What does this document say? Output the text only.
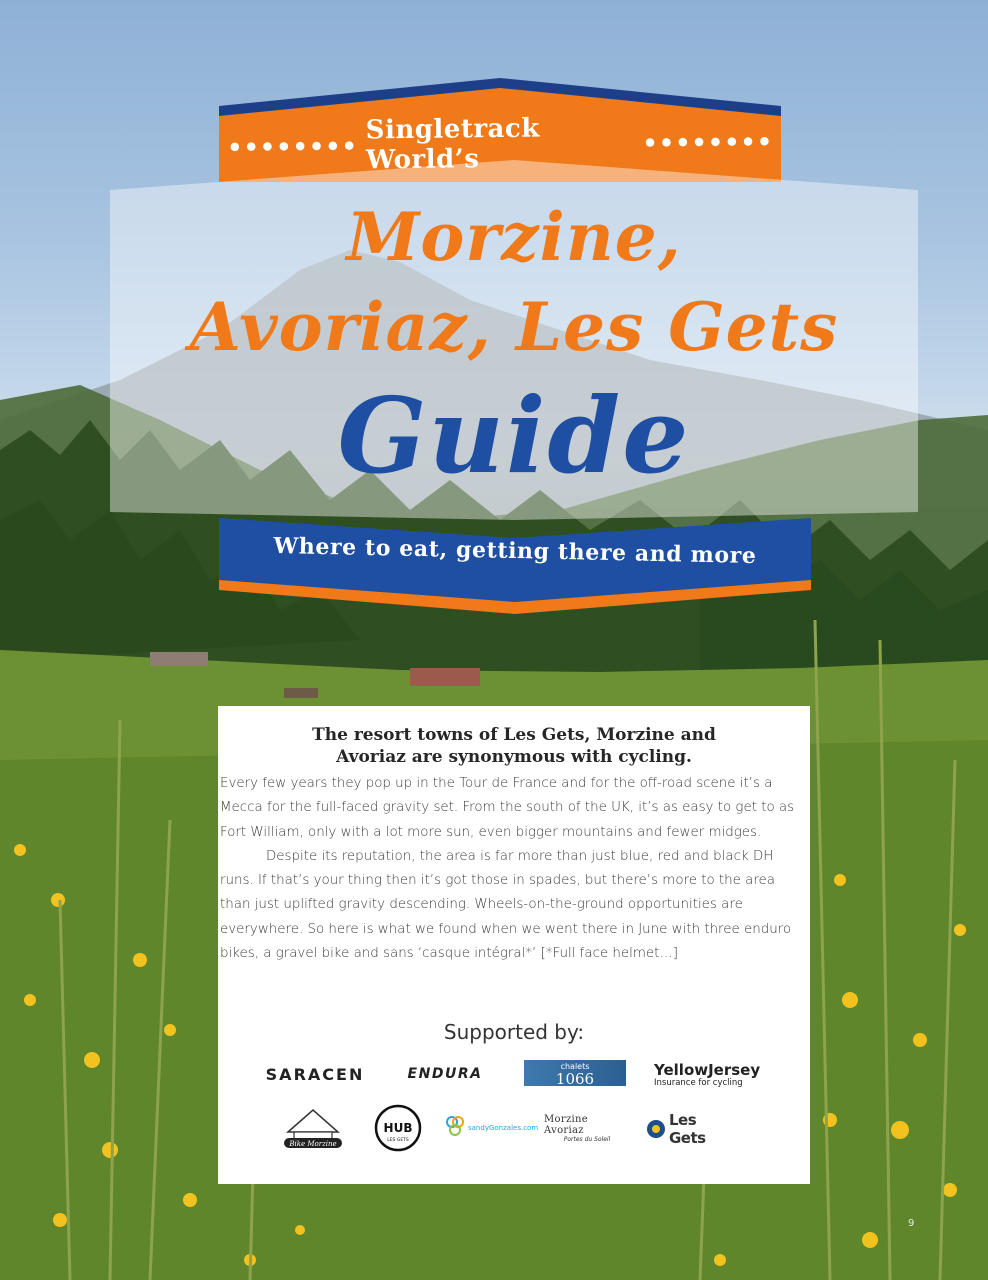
••••••••
Singletrack World’s
••••••••
Morzine,
Avoriaz, Les Gets
Guide
Where to eat, getting there and more
The resort towns of Les Gets, Morzine and
Avoriaz are synonymous with cycling.

Every few years they pop up in the Tour de France and for the off-road scene it’s a Mecca for the full-faced gravity set. From the south of the UK, it’s as easy to get to as Fort William, only with a lot more sun, even bigger mountains and fewer midges.

Despite its reputation, the area is far more than just blue, red and black DH runs. If that’s your thing then it’s got those in spades, but there’s more to the area than just uplifted gravity descending. Wheels-on-the-ground opportunities are everywhere. So here is what we found when we went there in June with three enduro bikes, a gravel bike and sans ‘casque intégral*’ [*Full face helmet…]

Supported by:
SARACEN	ENDURA	chalets
1066	YellowJersey
Insurance for cycling
Bike Morzine
HUB
LES GETS
sandyGonzales.com
Morzine Avoriaz
Portes du Soleil
Les Gets
9
